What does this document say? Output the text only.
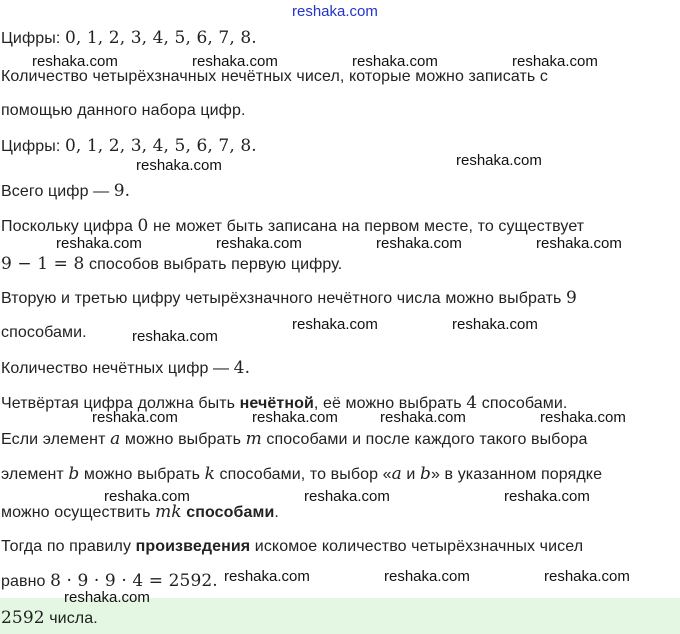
reshaka.com
Цифры: 0, 1, 2, 3, 4, 5, 6, 7, 8.
reshaka.com	reshaka.com	reshaka.com	reshaka.com
Количество четырёхзначных нечётных чисел, которые можно записать с
помощью данного набора цифр.
Цифры: 0, 1, 2, 3, 4, 5, 6, 7, 8.
reshaka.com	reshaka.com
Всего цифр — 9.
Поскольку цифра 0 не может быть записана на первом месте, то существует
reshaka.com	reshaka.com	reshaka.com	reshaka.com
9 − 1 = 8 способов выбрать первую цифру.
Вторую и третью цифру четырёхзначного нечётного числа можно выбрать 9
reshaka.com	reshaka.com
способами.	reshaka.com
Количество нечётных цифр — 4.
Четвёртая цифра должна быть нечётной, её можно выбрать 4 способами.
reshaka.com	reshaka.com	reshaka.com	reshaka.com
Если элемент a можно выбрать m способами и после каждого такого выбора
элемент b можно выбрать k способами, то выбор «a и b» в указанном порядке
reshaka.com	reshaka.com	reshaka.com
можно осуществить mk способами.
Тогда по правилу произведения искомое количество четырёхзначных чисел
равно 8 · 9 · 9 · 4 = 2592. reshaka.com	reshaka.com	reshaka.com
reshaka.com
2592 числа.
